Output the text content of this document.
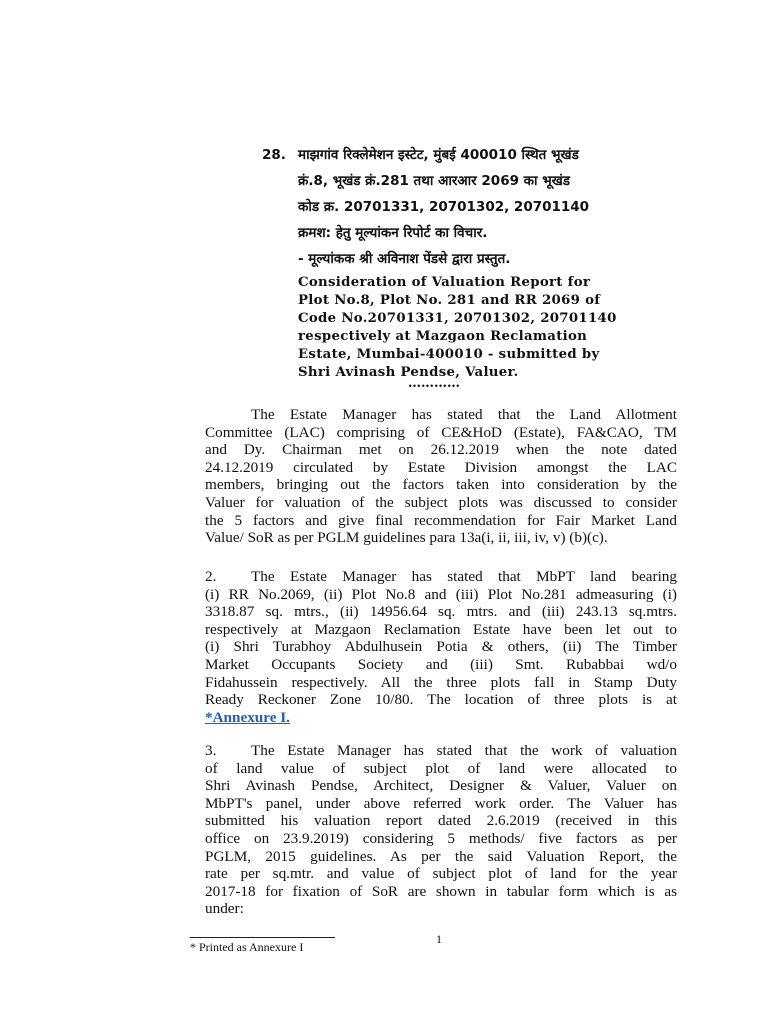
28. माझगांव रिक्लेमेशन इस्टेट, मुंबई 400010 स्थित भूखंड

क्रं.8, भूखंड क्रं.281 तथा आरआर 2069 का भूखंड

कोड क्र. 20701331, 20701302, 20701140

क्रमश: हेतु मूल्यांकन रिपोर्ट का विचार.

- मूल्यांकक श्री अविनाश पेंडसे द्वारा प्रस्तुत.

Consideration of Valuation Report for

Plot No.8, Plot No. 281 and RR 2069 of

Code No.20701331, 20701302, 20701140

respectively at Mazgaon Reclamation

Estate, Mumbai-400010 - submitted by

Shri Avinash Pendse, Valuer.

…………
The Estate Manager has stated that the Land Allotment
Committee (LAC) comprising of CE&HoD (Estate), FA&CAO, TM
and Dy. Chairman met on 26.12.2019 when the note dated
24.12.2019 circulated by Estate Division amongst the LAC
members, bringing out the factors taken into consideration by the
Valuer for valuation of the subject plots was discussed to consider
the 5 factors and give final recommendation for Fair Market Land
Value/ SoR as per PGLM guidelines para 13a(i, ii, iii, iv, v) (b)(c).
2. The Estate Manager has stated that MbPT land bearing
(i) RR No.2069, (ii) Plot No.8 and (iii) Plot No.281 admeasuring (i)
3318.87 sq. mtrs., (ii) 14956.64 sq. mtrs. and (iii) 243.13 sq.mtrs.
respectively at Mazgaon Reclamation Estate have been let out to
(i) Shri Turabhoy Abdulhusein Potia & others, (ii) The Timber
Market Occupants Society and (iii) Smt. Rubabbai wd/o
Fidahussein respectively. All the three plots fall in Stamp Duty
Ready Reckoner Zone 10/80. The location of three plots is at
*Annexure I.
3. The Estate Manager has stated that the work of valuation
of land value of subject plot of land were allocated to
Shri Avinash Pendse, Architect, Designer & Valuer, Valuer on
MbPT's panel, under above referred work order. The Valuer has
submitted his valuation report dated 2.6.2019 (received in this
office on 23.9.2019) considering 5 methods/ five factors as per
PGLM, 2015 guidelines. As per the said Valuation Report, the
rate per sq.mtr. and value of subject plot of land for the year
2017-18 for fixation of SoR are shown in tabular form which is as
under:
1
* Printed as Annexure I
